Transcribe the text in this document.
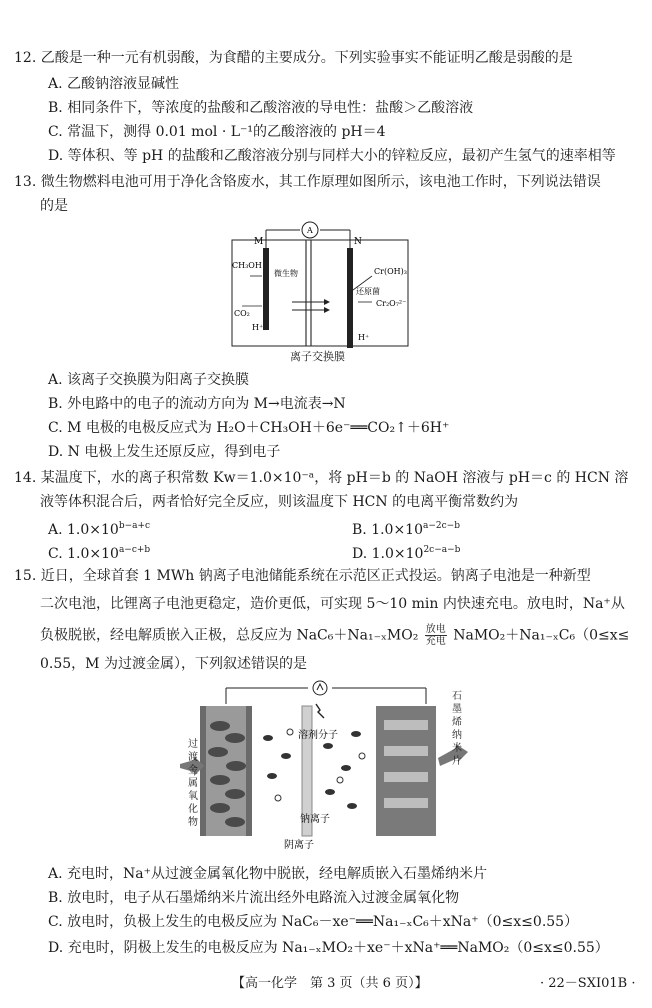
12. 乙酸是一种一元有机弱酸，为食醋的主要成分。下列实验事实不能证明乙酸是弱酸的是
A. 乙酸钠溶液显碱性
B. 相同条件下，等浓度的盐酸和乙酸溶液的导电性：盐酸＞乙酸溶液
C. 常温下，测得 0.01 mol · L⁻¹的乙酸溶液的 pH＝4
D. 等体积、等 pH 的盐酸和乙酸溶液分别与同样大小的锌粒反应，最初产生氢气的速率相等
13. 微生物燃料电池可用于净化含铬废水，其工作原理如图所示，该电池工作时，下列说法错误
的是
M	N
A
CH₃OH
微生物
CO₂
H⁺
Cr(OH)₃
还原菌
Cr₂O₇²⁻
H⁺
离子交换膜
A. 该离子交换膜为阳离子交换膜
B. 外电路中的电子的流动方向为 M→电流表→N
C. M 电极的电极反应式为 H₂O＋CH₃OH＋6e⁻══CO₂↑＋6H⁺
D. N 电极上发生还原反应，得到电子
14. 某温度下，水的离子积常数 Kw＝1.0×10⁻ᵃ，将 pH＝b 的 NaOH 溶液与 pH＝c 的 HCN 溶
液等体积混合后，两者恰好完全反应，则该温度下 HCN 的电离平衡常数约为
A. $1.0\times 10^{b-a+c}$	B. $1.0\times 10^{a-2c-b}$
C. $1.0\times 10^{a-c+b}$	D. $1.0\times 10^{2c-a-b}$
15. 近日，全球首套 1 MWh 钠离子电池储能系统在示范区正式投运。钠离子电池是一种新型
二次电池，比锂离子电池更稳定，造价更低，可实现 5～10 min 内快速充电。放电时，Na⁺从
负极脱嵌，经电解质嵌入正极，总反应为 NaC₆＋Na₁₋ₓMO₂ 放电
充电 NaMO₂＋Na₁₋ₓC₆（0≤x≤
0.55，M 为过渡金属），下列叙述错误的是
溶剂分子
钠离子
阴离子
过渡金属氧化物
石墨烯纳米片
A. 充电时，Na⁺从过渡金属氧化物中脱嵌，经电解质嵌入石墨烯纳米片
B. 放电时，电子从石墨烯纳米片流出经外电路流入过渡金属氧化物
C. 放电时，负极上发生的电极反应为 NaC₆－xe⁻══Na₁₋ₓC₆＋xNa⁺（0≤x≤0.55）
D. 充电时，阴极上发生的电极反应为 Na₁₋ₓMO₂＋xe⁻＋xNa⁺══NaMO₂（0≤x≤0.55）
【高一化学　第 3 页（共 6 页）】	· 22－SXI01B ·
